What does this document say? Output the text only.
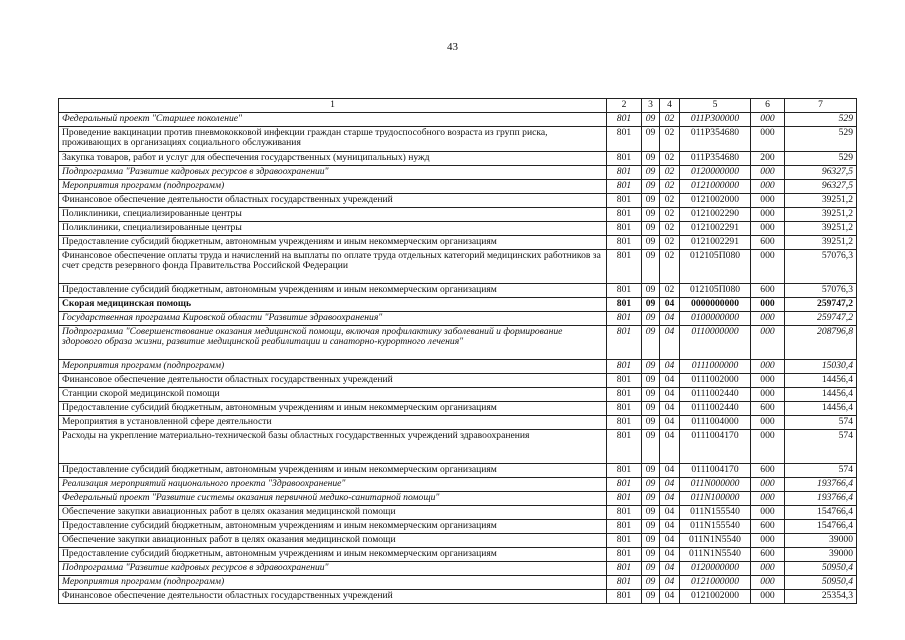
43
1	2	3	4	5	6	7
Федеральный проект "Старшее поколение"	801	09	02	011P300000	000	529
Проведение вакцинации против пневмококковой инфекции граждан старше трудоспособного возраста из групп риска, проживающих в организациях социального обслуживания	801	09	02	011P354680	000	529
Закупка товаров, работ и услуг для обеспечения государственных (муниципальных) нужд	801	09	02	011P354680	200	529
Подпрограмма "Развитие кадровых ресурсов в здравоохранении"	801	09	02	0120000000	000	96327,5
Мероприятия программ (подпрограмм)	801	09	02	0121000000	000	96327,5
Финансовое обеспечение деятельности областных государственных учреждений	801	09	02	0121002000	000	39251,2
Поликлиники, специализированные центры	801	09	02	0121002290	000	39251,2
Поликлиники, специализированные центры	801	09	02	0121002291	000	39251,2
Предоставление субсидий бюджетным, автономным учреждениям и иным некоммерческим организациям	801	09	02	0121002291	600	39251,2
Финансовое обеспечение оплаты труда и начислений на выплаты по оплате труда отдельных категорий медицинских работников за счет средств резервного фонда Правительства Российской Федерации	801	09	02	012105П080	000	57076,3
Предоставление субсидий бюджетным, автономным учреждениям и иным некоммерческим организациям	801	09	02	012105П080	600	57076,3
Скорая медицинская помощь	801	09	04	0000000000	000	259747,2
Государственная программа Кировской области "Развитие здравоохранения"	801	09	04	0100000000	000	259747,2
Подпрограмма "Совершенствование оказания медицинской помощи, включая профилактику заболеваний и формирование здорового образа жизни, развитие медицинской реабилитации и санаторно-курортного лечения"	801	09	04	0110000000	000	208796,8
Мероприятия программ (подпрограмм)	801	09	04	0111000000	000	15030,4
Финансовое обеспечение деятельности областных государственных учреждений	801	09	04	0111002000	000	14456,4
Станции скорой медицинской помощи	801	09	04	0111002440	000	14456,4
Предоставление субсидий бюджетным, автономным учреждениям и иным некоммерческим организациям	801	09	04	0111002440	600	14456,4
Мероприятия в установленной сфере деятельности	801	09	04	0111004000	000	574
Расходы на укрепление материально-технической базы областных государственных учреждений здравоохранения	801	09	04	0111004170	000	574
Предоставление субсидий бюджетным, автономным учреждениям и иным некоммерческим организациям	801	09	04	0111004170	600	574
Реализация мероприятий национального проекта "Здравоохранение"	801	09	04	011N000000	000	193766,4
Федеральный проект "Развитие системы оказания первичной медико-санитарной помощи"	801	09	04	011N100000	000	193766,4
Обеспечение закупки авиационных работ в целях оказания медицинской помощи	801	09	04	011N155540	000	154766,4
Предоставление субсидий бюджетным, автономным учреждениям и иным некоммерческим организациям	801	09	04	011N155540	600	154766,4
Обеспечение закупки авиационных работ в целях оказания медицинской помощи	801	09	04	011N1N5540	000	39000
Предоставление субсидий бюджетным, автономным учреждениям и иным некоммерческим организациям	801	09	04	011N1N5540	600	39000
Подпрограмма "Развитие кадровых ресурсов в здравоохранении"	801	09	04	0120000000	000	50950,4
Мероприятия программ (подпрограмм)	801	09	04	0121000000	000	50950,4
Финансовое обеспечение деятельности областных государственных учреждений	801	09	04	0121002000	000	25354,3
